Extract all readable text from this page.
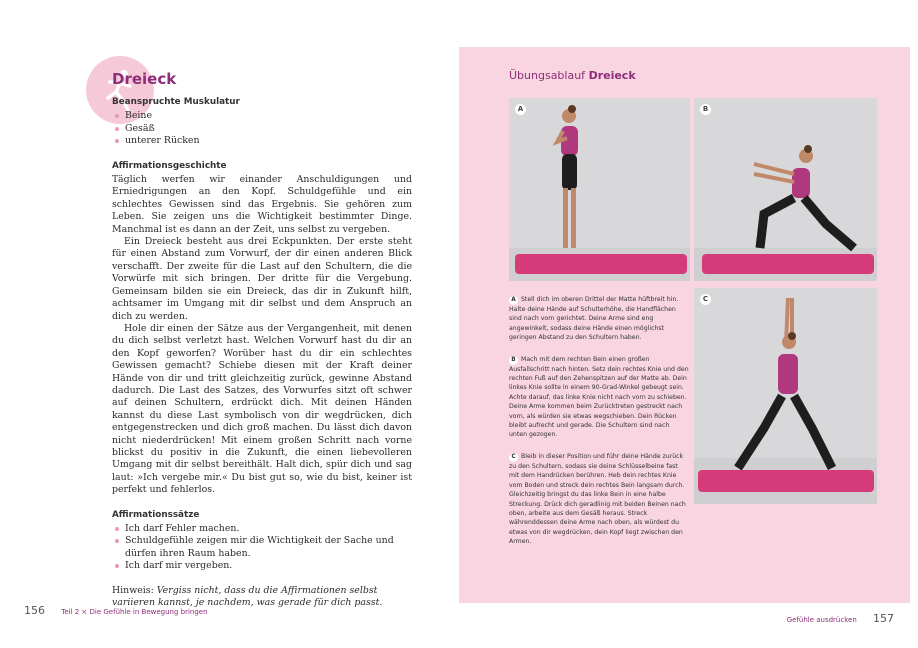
Dreieck
Beanspruchte Muskulatur
Beine
Gesäß
unterer Rücken
Affirmationsgeschichte

Täglich werfen wir einander Anschuldigungen und Erniedrigungen an den Kopf. Schuldgefühle und ein schlechtes Gewissen sind das Ergebnis. Sie gehören zum Leben. Sie zeigen uns die Wichtigkeit bestimmter Dinge. Manchmal ist es dann an der Zeit, uns selbst zu vergeben.

Ein Dreieck besteht aus drei Eckpunkten. Der erste steht für einen Abstand zum Vorwurf, der dir einen anderen Blick verschafft. Der zweite für die Last auf den Schultern, die die Vorwürfe mit sich bringen. Der dritte für die Vergebung. Gemeinsam bilden sie ein Dreieck, das dir in Zukunft hilft, achtsamer im Umgang mit dir selbst und dem Anspruch an dich zu werden.

Hole dir einen der Sätze aus der Vergangenheit, mit denen du dich selbst verletzt hast. Welchen Vorwurf hast du dir an den Kopf geworfen? Worüber hast du dir ein schlechtes Gewissen gemacht? Schiebe diesen mit der Kraft deiner Hände von dir und tritt gleichzeitig zurück, gewinne Abstand dadurch. Die Last des Satzes, des Vorwurfes sitzt oft schwer auf deinen Schultern, erdrückt dich. Mit deinen Händen kannst du diese Last symbolisch von dir wegdrücken, dich entgegenstrecken und dich groß machen. Du lässt dich davon nicht niederdrücken! Mit einem großen Schritt nach vorne blickst du positiv in die Zukunft, die einen liebevolleren Umgang mit dir selbst bereithält. Halt dich, spür dich und sag laut: »Ich vergebe mir.« Du bist gut so, wie du bist, keiner ist perfekt und fehlerlos.

Affirmationssätze
Ich darf Fehler machen.
Schuldgefühle zeigen mir die Wichtigkeit der Sache und dürfen ihren Raum haben.
Ich darf mir vergeben.
Hinweis: Vergiss nicht, dass du die Affirmationen selbst variieren kannst, je nachdem, was gerade für dich passt.
156 Teil 2 × Die Gefühle in Bewegung bringen
Übungsablauf Dreieck
A	B
C
A Stell dich im oberen Drittel der Matte hüftbreit hin. Halte deine Hände auf Schulterhöhe, die Handflächen sind nach vorn gerichtet. Deine Arme sind eng angewinkelt, sodass deine Hände einen möglichst geringen Abstand zu den Schultern haben.
B Mach mit dem rechten Bein einen großen Ausfallschritt nach hinten. Setz dein rechtes Knie und den rechten Fuß auf den Zehenspitzen auf der Matte ab. Dein linkes Knie sollte in einem 90-Grad-Winkel gebeugt sein. Achte darauf, das linke Knie nicht nach vorn zu schieben. Deine Arme kommen beim Zurücktreten gestreckt nach vorn, als würden sie etwas wegschieben. Dein Rücken bleibt aufrecht und gerade. Die Schultern sind nach unten gezogen.
C Bleib in dieser Position und führ deine Hände zurück zu den Schultern, sodass sie deine Schlüsselbeine fast mit dem Handrücken berühren. Heb dein rechtes Knie vom Boden und streck dein rechtes Bein langsam durch. Gleichzeitig bringst du das linke Bein in eine halbe Streckung. Drück dich geradlinig mit beiden Beinen nach oben, arbeite aus dem Gesäß heraus. Streck währenddessen deine Arme nach oben, als würdest du etwas von dir wegdrücken, dein Kopf liegt zwischen den Armen.
Gefühle ausdrücken 157
